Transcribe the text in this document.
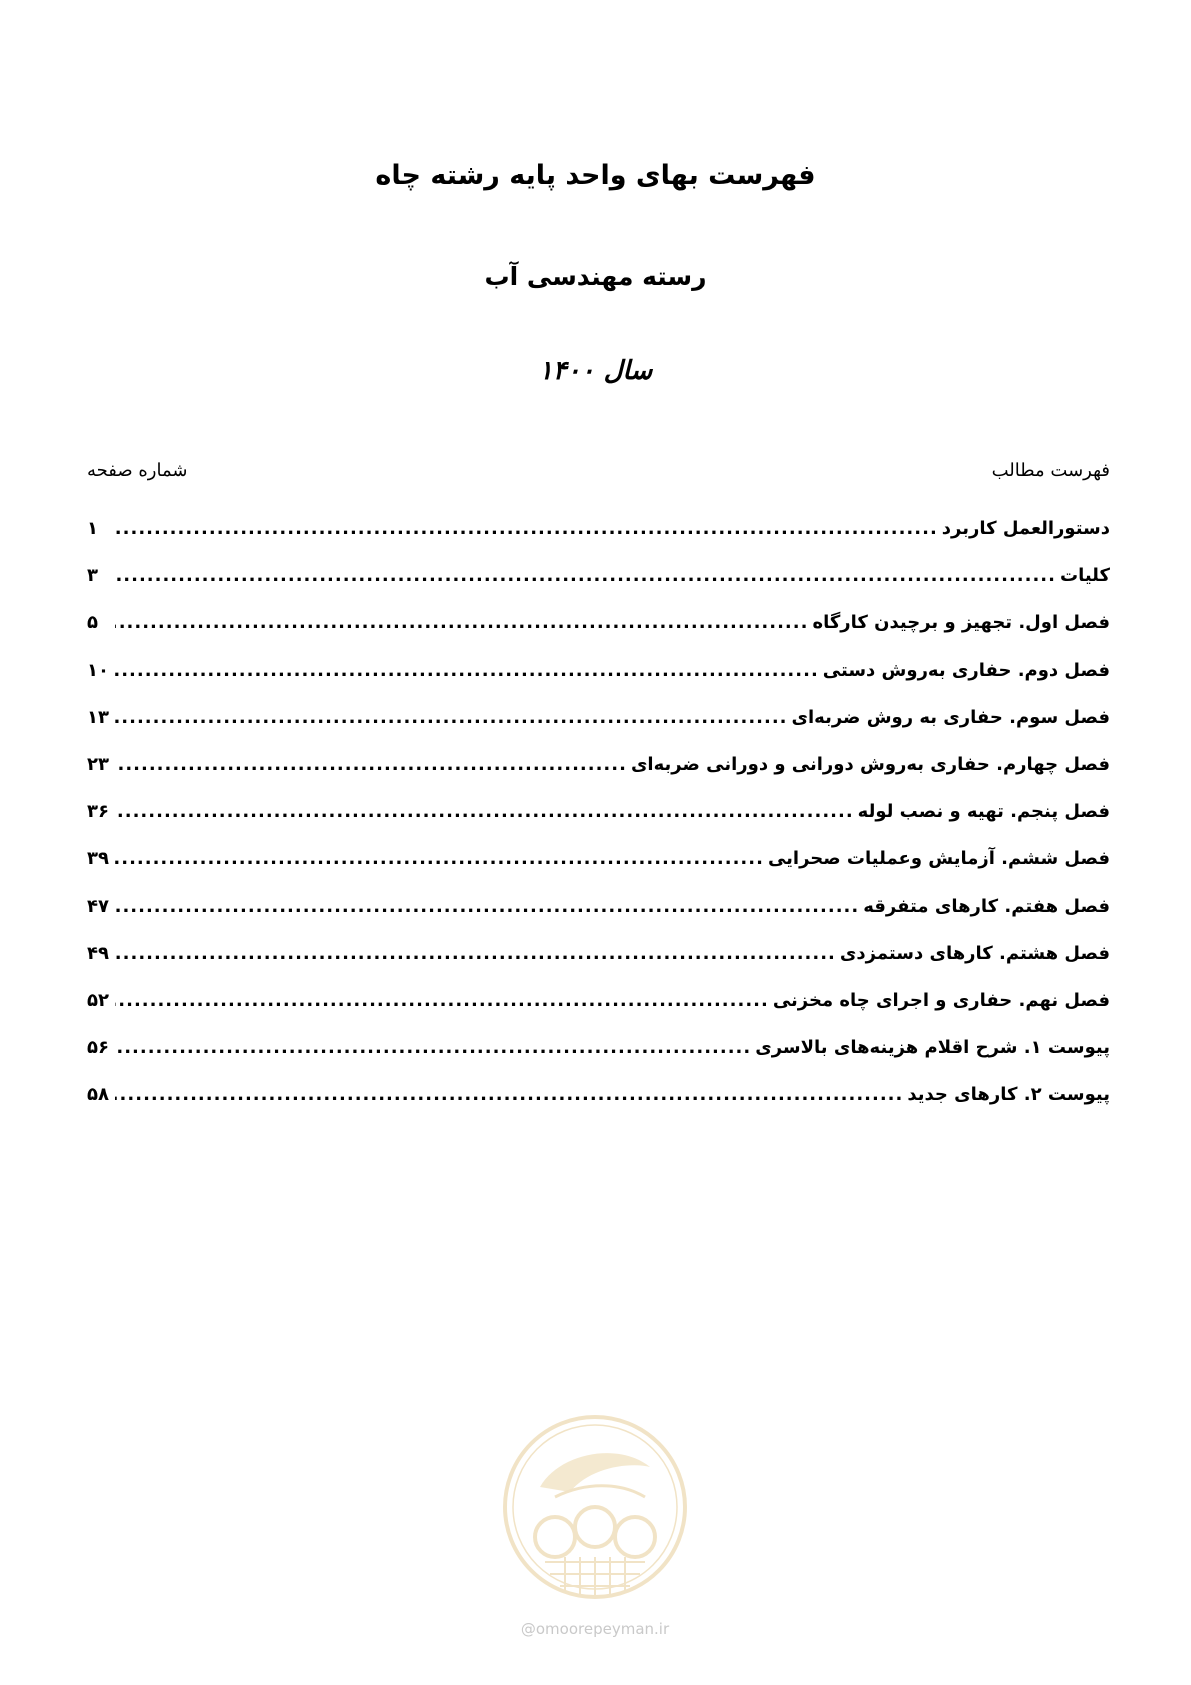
فهرست بهای واحد پایه رشته چاه
رسته مهندسی آب
سال ۱۴۰۰
فهرست مطالب
شماره صفحه
دستورالعمل کاربرد
.....
۱
کلیات
.....
۳
فصل اول. تجهیز و برچیدن کارگاه
.....
۵
فصل دوم. حفاری به‌روش دستی
.....
۱۰
فصل سوم. حفاری به روش ضربه‌ای
.....
۱۳
فصل چهارم. حفاری به‌روش دورانی و دورانی ضربه‌ای
.....
۲۳
فصل پنجم. تهیه و نصب لوله
.....
۳۶
فصل ششم. آزمایش وعملیات صحرایی
.....
۳۹
فصل هفتم. کارهای متفرقه
.....
۴۷
فصل هشتم. کارهای دستمزدی
.....
۴۹
فصل نهم. حفاری و اجرای چاه مخزنی
.....
۵۲
پیوست ۱. شرح اقلام هزینه‌های بالاسری
.....
۵۶
پیوست ۲. کارهای جدید
.....
۵۸
@omoorepeyman.ir
